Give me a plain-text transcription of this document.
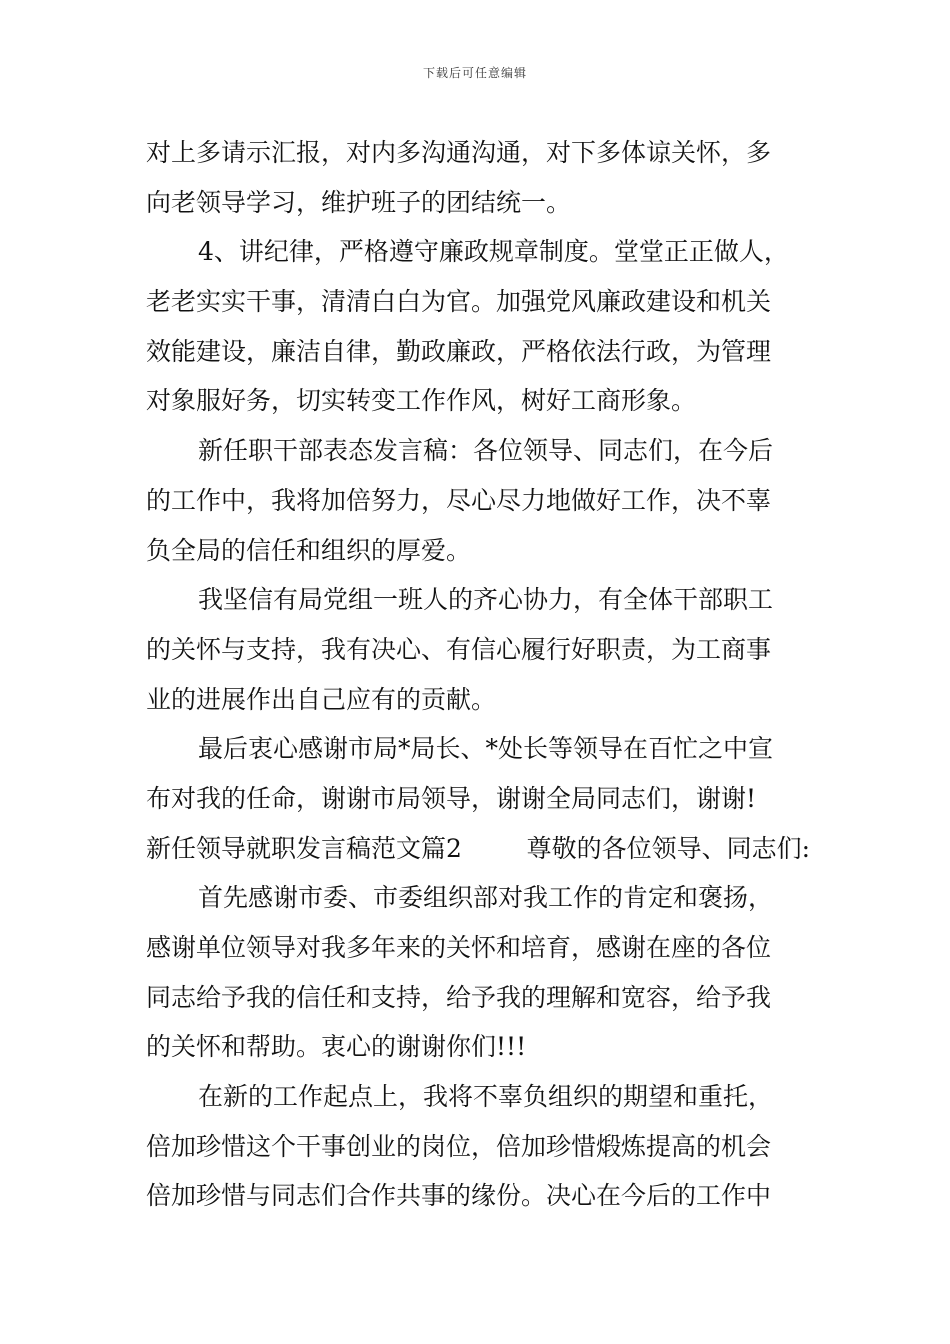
下载后可任意编辑
对上多请示汇报，对内多沟通沟通，对下多体谅关怀，多
向老领导学习，维护班子的团结统一。
4、讲纪律，严格遵守廉政规章制度。堂堂正正做人，
老老实实干事，清清白白为官。加强党风廉政建设和机关
效能建设，廉洁自律，勤政廉政，严格依法行政，为管理
对象服好务，切实转变工作作风，树好工商形象。
新任职干部表态发言稿：各位领导、同志们，在今后
的工作中，我将加倍努力，尽心尽力地做好工作，决不辜
负全局的信任和组织的厚爱。
我坚信有局党组一班人的齐心协力，有全体干部职工
的关怀与支持，我有决心、有信心履行好职责，为工商事
业的进展作出自己应有的贡献。
最后衷心感谢市局*局长、*处长等领导在百忙之中宣
布对我的任命，谢谢市局领导，谢谢全局同志们，谢谢!
新任领导就职发言稿范文篇2	尊敬的各位领导、同志们:
首先感谢市委、市委组织部对我工作的肯定和褒扬，
感谢单位领导对我多年来的关怀和培育，感谢在座的各位
同志给予我的信任和支持，给予我的理解和宽容，给予我
的关怀和帮助。衷心的谢谢你们!!!
在新的工作起点上，我将不辜负组织的期望和重托，
倍加珍惜这个干事创业的岗位，倍加珍惜煅炼提高的机会
倍加珍惜与同志们合作共事的缘份。决心在今后的工作中
